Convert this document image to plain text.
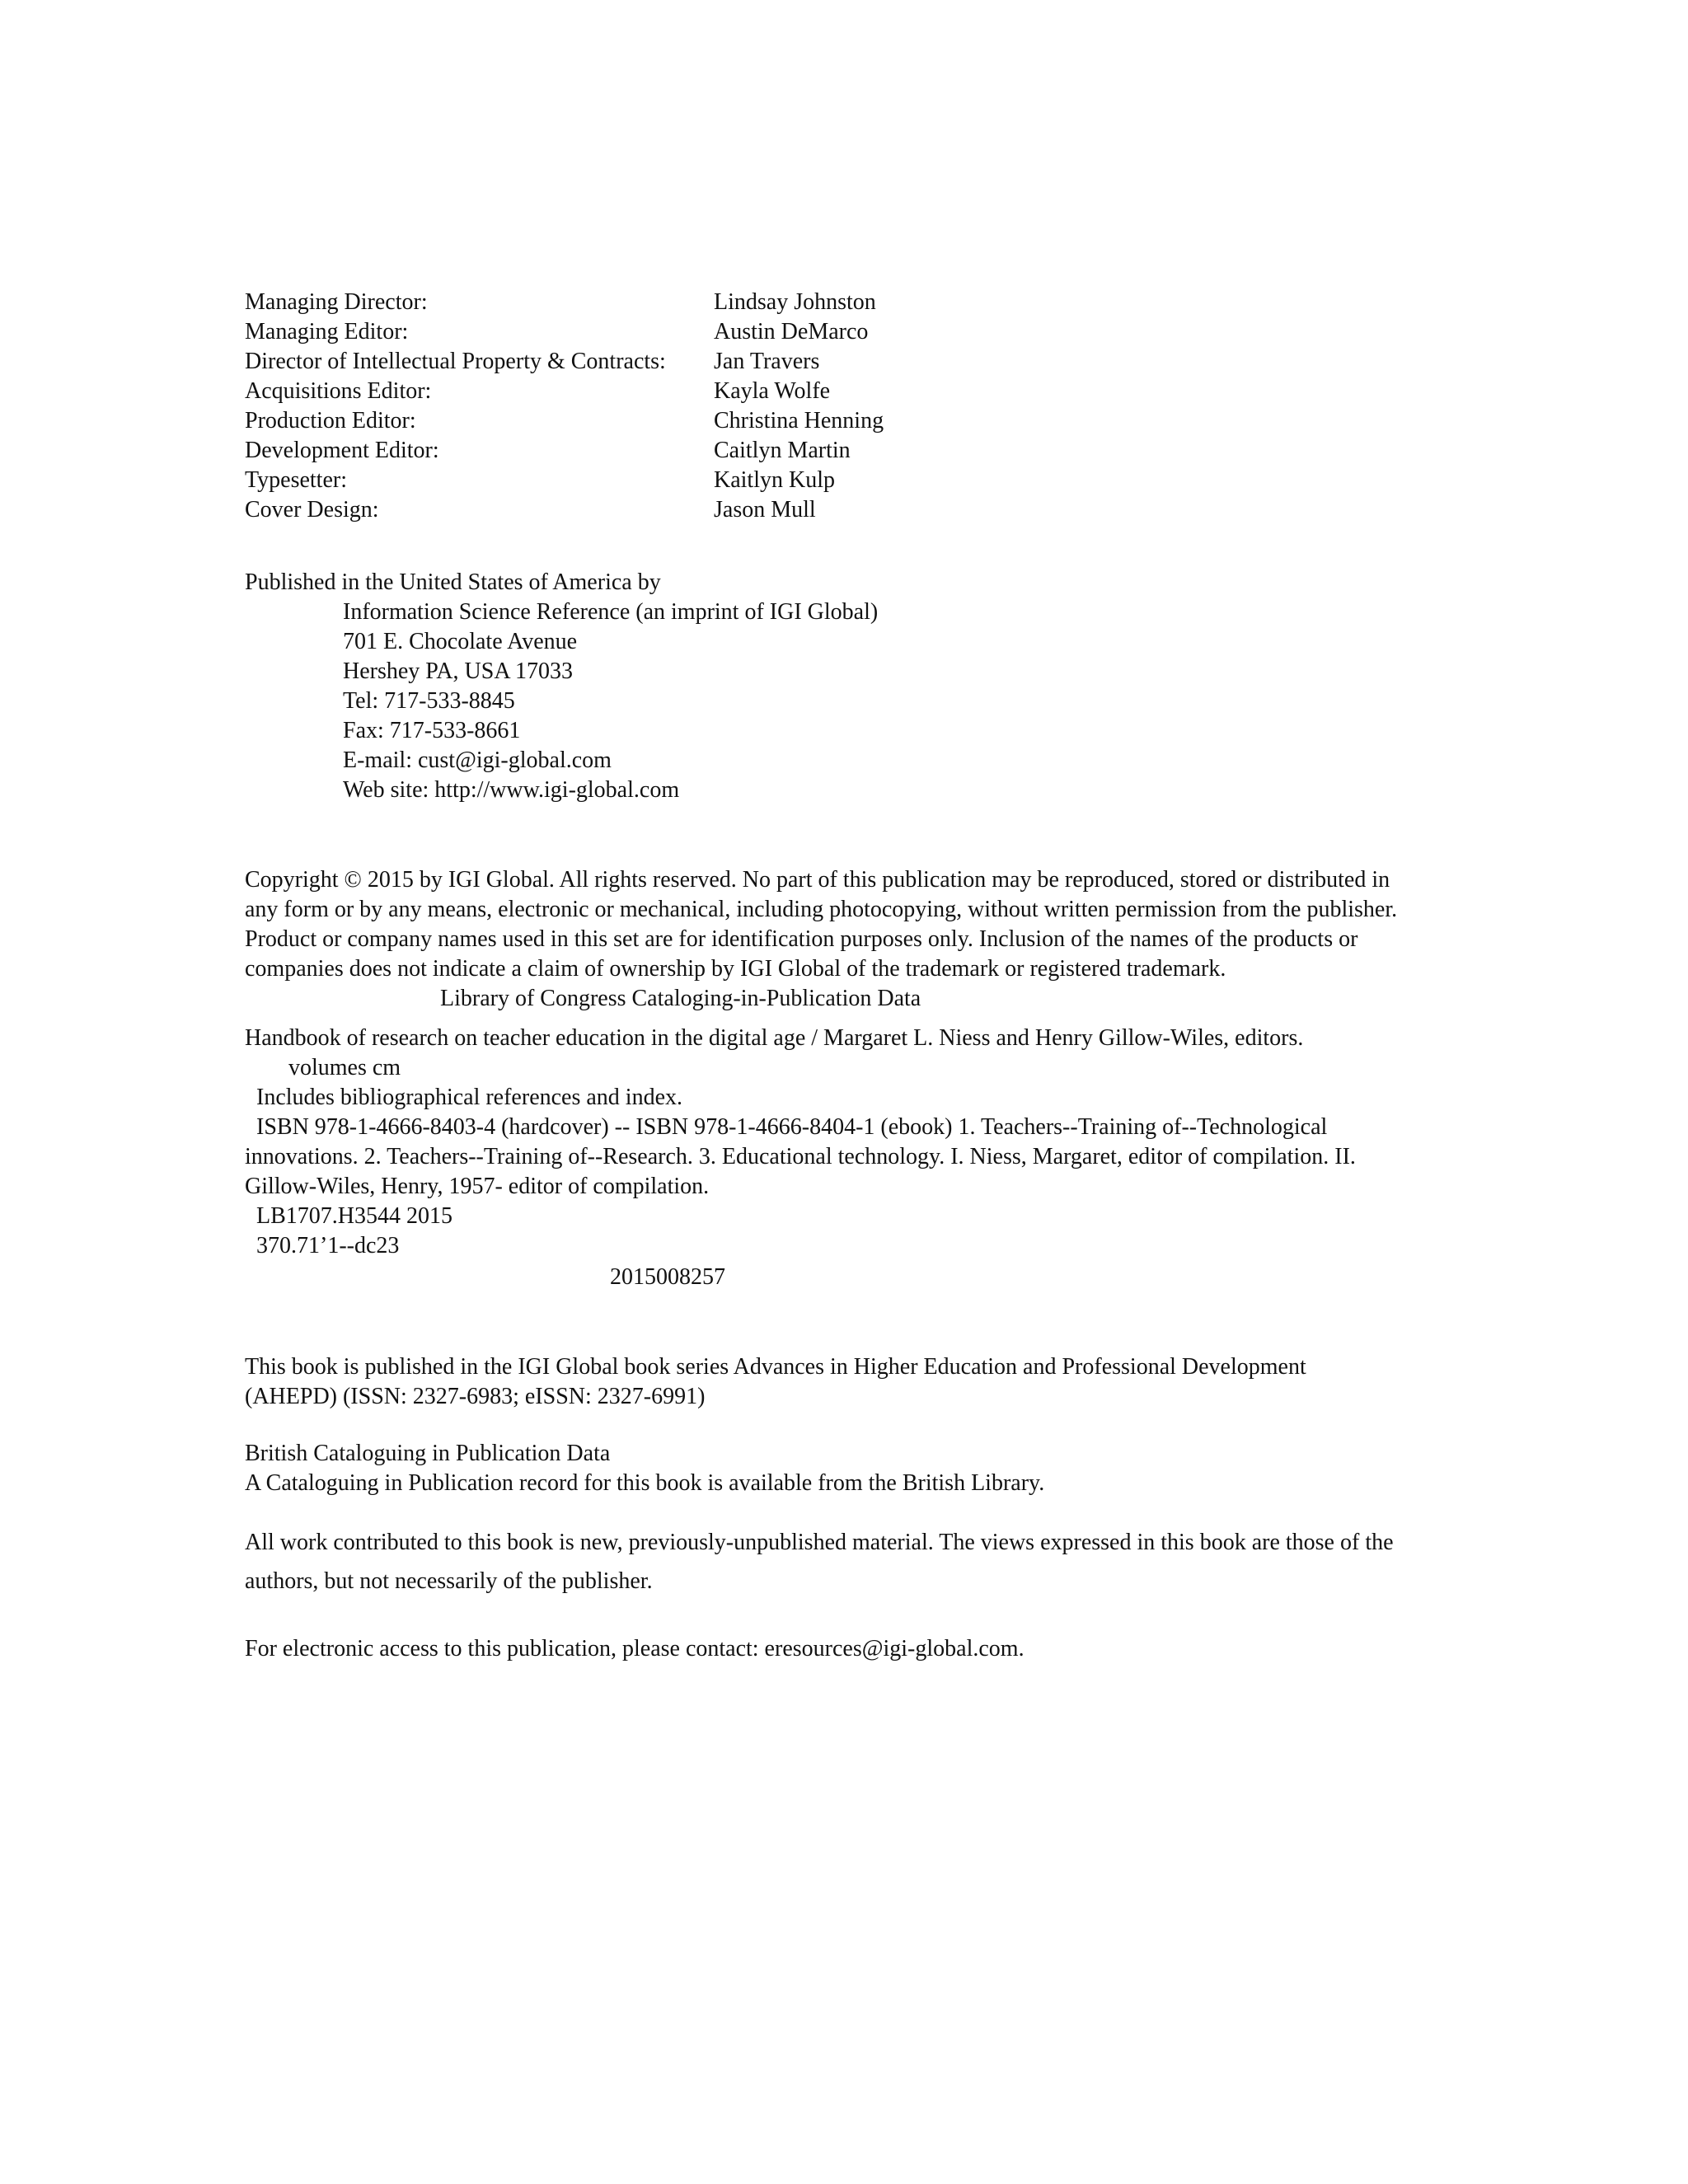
Managing Director:	Lindsay Johnston

Managing Editor:	Austin DeMarco

Director of Intellectual Property & Contracts: Jan Travers

Acquisitions Editor:	Kayla Wolfe

Production Editor:	Christina Henning

Development Editor:	Caitlyn Martin

Typesetter:	Kaitlyn Kulp

Cover Design:	Jason Mull

Published in the United States of America by

Information Science Reference (an imprint of IGI Global)

701 E. Chocolate Avenue

Hershey PA, USA 17033

Tel: 717-533-8845

Fax: 717-533-8661

E-mail: cust@igi-global.com

Web site: http://www.igi-global.com

Copyright © 2015 by IGI Global. All rights reserved. No part of this publication may be reproduced, stored or distributed in

any form or by any means, electronic or mechanical, including photocopying, without written permission from the publisher.

Product or company names used in this set are for identification purposes only. Inclusion of the names of the products or

companies does not indicate a claim of ownership by IGI Global of the trademark or registered trademark.

Library of Congress Cataloging-in-Publication Data

Handbook of research on teacher education in the digital age / Margaret L. Niess and Henry Gillow-Wiles, editors.

volumes cm

Includes bibliographical references and index.

ISBN 978-1-4666-8403-4 (hardcover) -- ISBN 978-1-4666-8404-1 (ebook) 1. Teachers--Training of--Technological

innovations. 2. Teachers--Training of--Research. 3. Educational technology. I. Niess, Margaret, editor of compilation. II.

Gillow-Wiles, Henry, 1957- editor of compilation.

LB1707.H3544 2015

370.71’1--dc23

2015008257

This book is published in the IGI Global book series Advances in Higher Education and Professional Development

(AHEPD) (ISSN: 2327-6983; eISSN: 2327-6991)

British Cataloguing in Publication Data

A Cataloguing in Publication record for this book is available from the British Library.

All work contributed to this book is new, previously-unpublished material. The views expressed in this book are those of the

authors, but not necessarily of the publisher.

For electronic access to this publication, please contact: eresources@igi-global.com.
